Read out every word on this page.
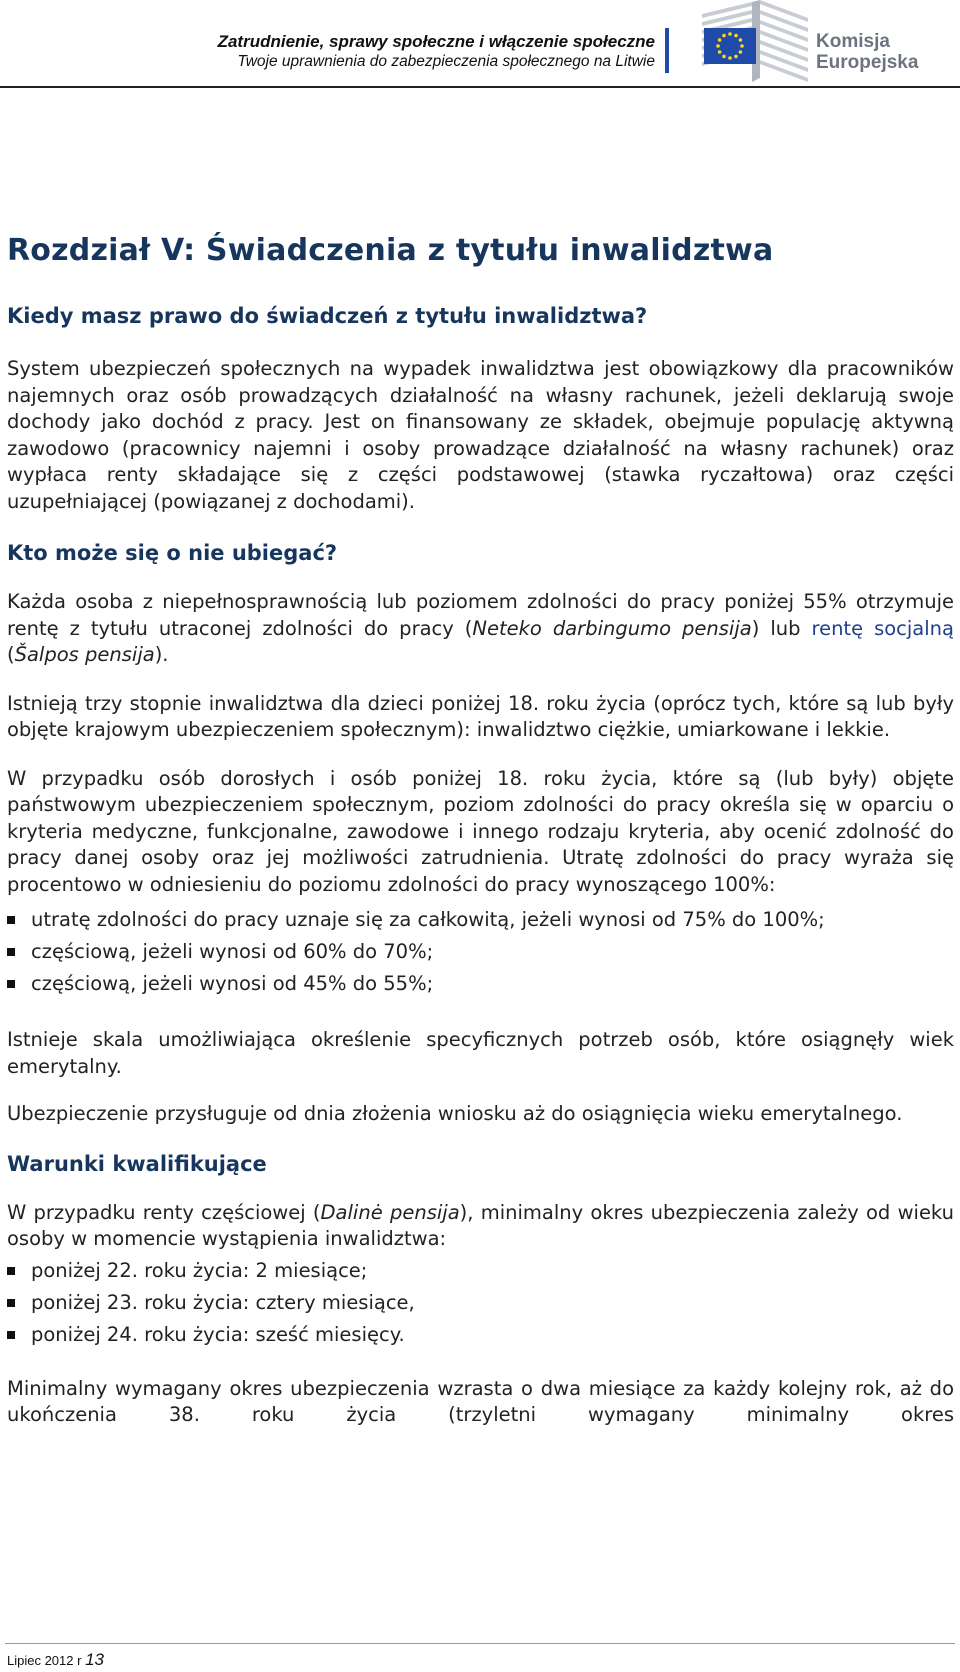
Zatrudnienie, sprawy społeczne i włączenie społeczne
Twoje uprawnienia do zabezpieczenia społecznego na Litwie
Komisja
Europejska
Rozdział V: Świadczenia z tytułu inwalidztwa
Kiedy masz prawo do świadczeń z tytułu inwalidztwa?

System ubezpieczeń społecznych na wypadek inwalidztwa jest obowiązkowy dla pracowników najemnych oraz osób prowadzących działalność na własny rachunek, jeżeli deklarują swoje dochody jako dochód z pracy. Jest on finansowany ze składek, obejmuje populację aktywną zawodowo (pracownicy najemni i osoby prowadzące działalność na własny rachunek) oraz wypłaca renty składające się z części podstawowej (stawka ryczałtowa) oraz części uzupełniającej (powiązanej z dochodami).

Kto może się o nie ubiegać?

Każda osoba z niepełnosprawnością lub poziomem zdolności do pracy poniżej 55% otrzymuje rentę z tytułu utraconej zdolności do pracy (Neteko darbingumo pensija) lub rentę socjalną (Šalpos pensija).

Istnieją trzy stopnie inwalidztwa dla dzieci poniżej 18. roku życia (oprócz tych, które są lub były objęte krajowym ubezpieczeniem społecznym): inwalidztwo ciężkie, umiarkowane i lekkie.

W przypadku osób dorosłych i osób poniżej 18. roku życia, które są (lub były) objęte państwowym ubezpieczeniem społecznym, poziom zdolności do pracy określa się w oparciu o kryteria medyczne, funkcjonalne, zawodowe i innego rodzaju kryteria, aby ocenić zdolność do pracy danej osoby oraz jej możliwości zatrudnienia. Utratę zdolności do pracy wyraża się procentowo w odniesieniu do poziomu zdolności do pracy wynoszącego 100%:

utratę zdolności do pracy uznaje się za całkowitą, jeżeli wynosi od 75% do 100%;
częściową, jeżeli wynosi od 60% do 70%;
częściową, jeżeli wynosi od 45% do 55%;

Istnieje skala umożliwiająca określenie specyficznych potrzeb osób, które osiągnęły wiek emerytalny.

Ubezpieczenie przysługuje od dnia złożenia wniosku aż do osiągnięcia wieku emerytalnego.

Warunki kwalifikujące

W przypadku renty częściowej (Dalinė pensija), minimalny okres ubezpieczenia zależy od wieku osoby w momencie wystąpienia inwalidztwa:

poniżej 22. roku życia: 2 miesiące;
poniżej 23. roku życia: cztery miesiące,
poniżej 24. roku życia: sześć miesięcy.

Minimalny wymagany okres ubezpieczenia wzrasta o dwa miesiące za każdy kolejny rok, aż do ukończenia 38. roku życia (trzyletni wymagany minimalny okres

Lipiec 2012 r 13
